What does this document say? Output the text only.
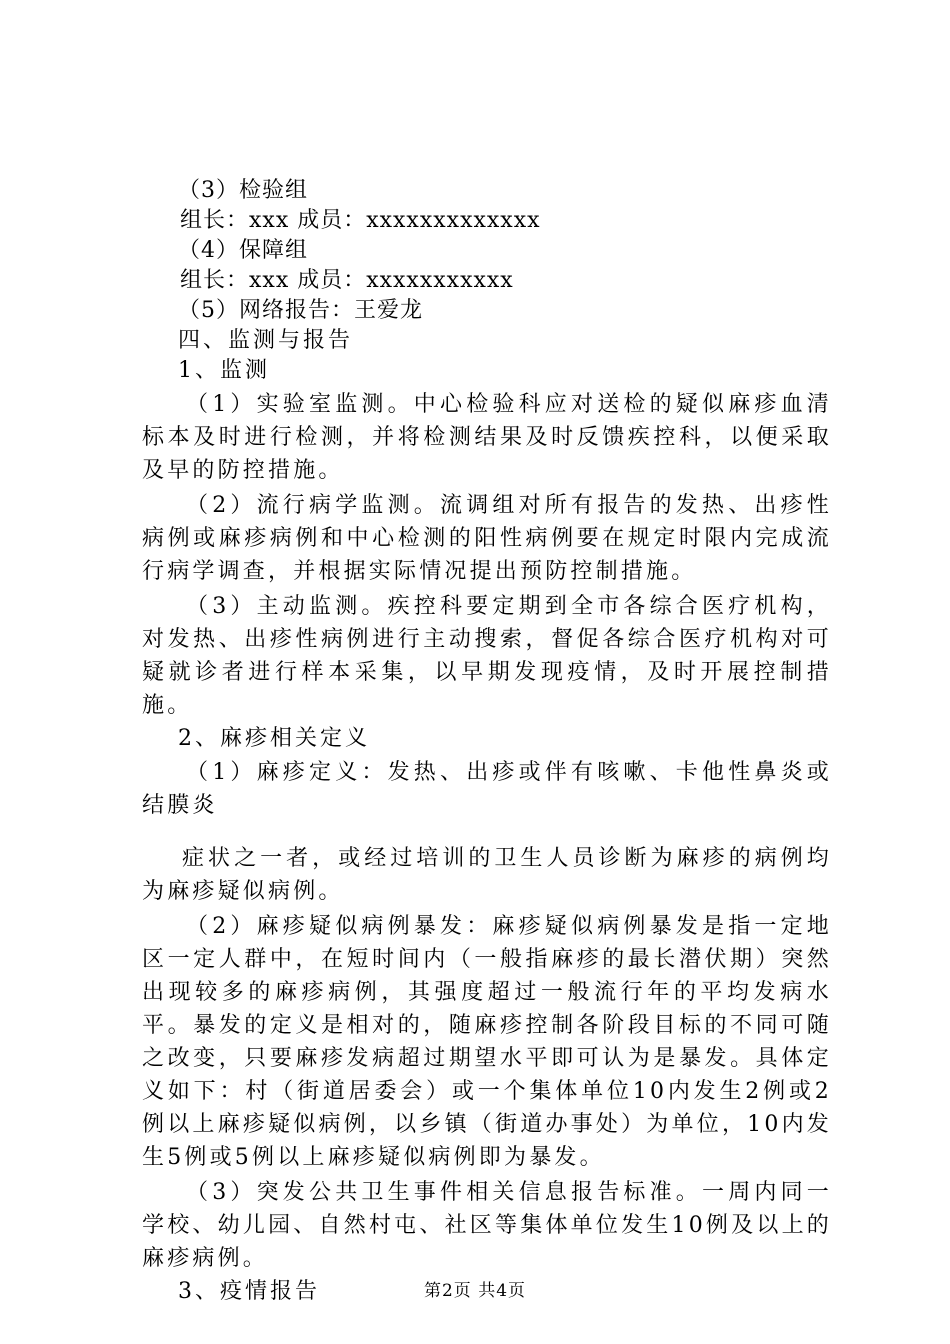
（3）检验组
组长：xxx 成员：xxxxxxxxxxxxx
（4）保障组
组长：xxx 成员：xxxxxxxxxxx
（5）网络报告：王爱龙
四、监测与报告
1、监测
（1）实验室监测。中心检验科应对送检的疑似麻疹血清标本及时进行检测，并将检测结果及时反馈疾控科，以便采取及早的防控措施。
（2）流行病学监测。流调组对所有报告的发热、出疹性病例或麻疹病例和中心检测的阳性病例要在规定时限内完成流行病学调查，并根据实际情况提出预防控制措施。
（3）主动监测。疾控科要定期到全市各综合医疗机构，对发热、出疹性病例进行主动搜索，督促各综合医疗机构对可疑就诊者进行样本采集，以早期发现疫情，及时开展控制措施。
2、麻疹相关定义
（1）麻疹定义：发热、出疹或伴有咳嗽、卡他性鼻炎或结膜炎
症状之一者，或经过培训的卫生人员诊断为麻疹的病例均为麻疹疑似病例。
（2）麻疹疑似病例暴发：麻疹疑似病例暴发是指一定地区一定人群中，在短时间内（一般指麻疹的最长潜伏期）突然出现较多的麻疹病例，其强度超过一般流行年的平均发病水平。暴发的定义是相对的，随麻疹控制各阶段目标的不同可随之改变，只要麻疹发病超过期望水平即可认为是暴发。具体定义如下：村（街道居委会）或一个集体单位10内发生2例或2例以上麻疹疑似病例，以乡镇（街道办事处）为单位，10内发生5例或5例以上麻疹疑似病例即为暴发。
（3）突发公共卫生事件相关信息报告标准。一周内同一学校、幼儿园、自然村屯、社区等集体单位发生10例及以上的麻疹病例。
3、疫情报告	第2页 共4页
